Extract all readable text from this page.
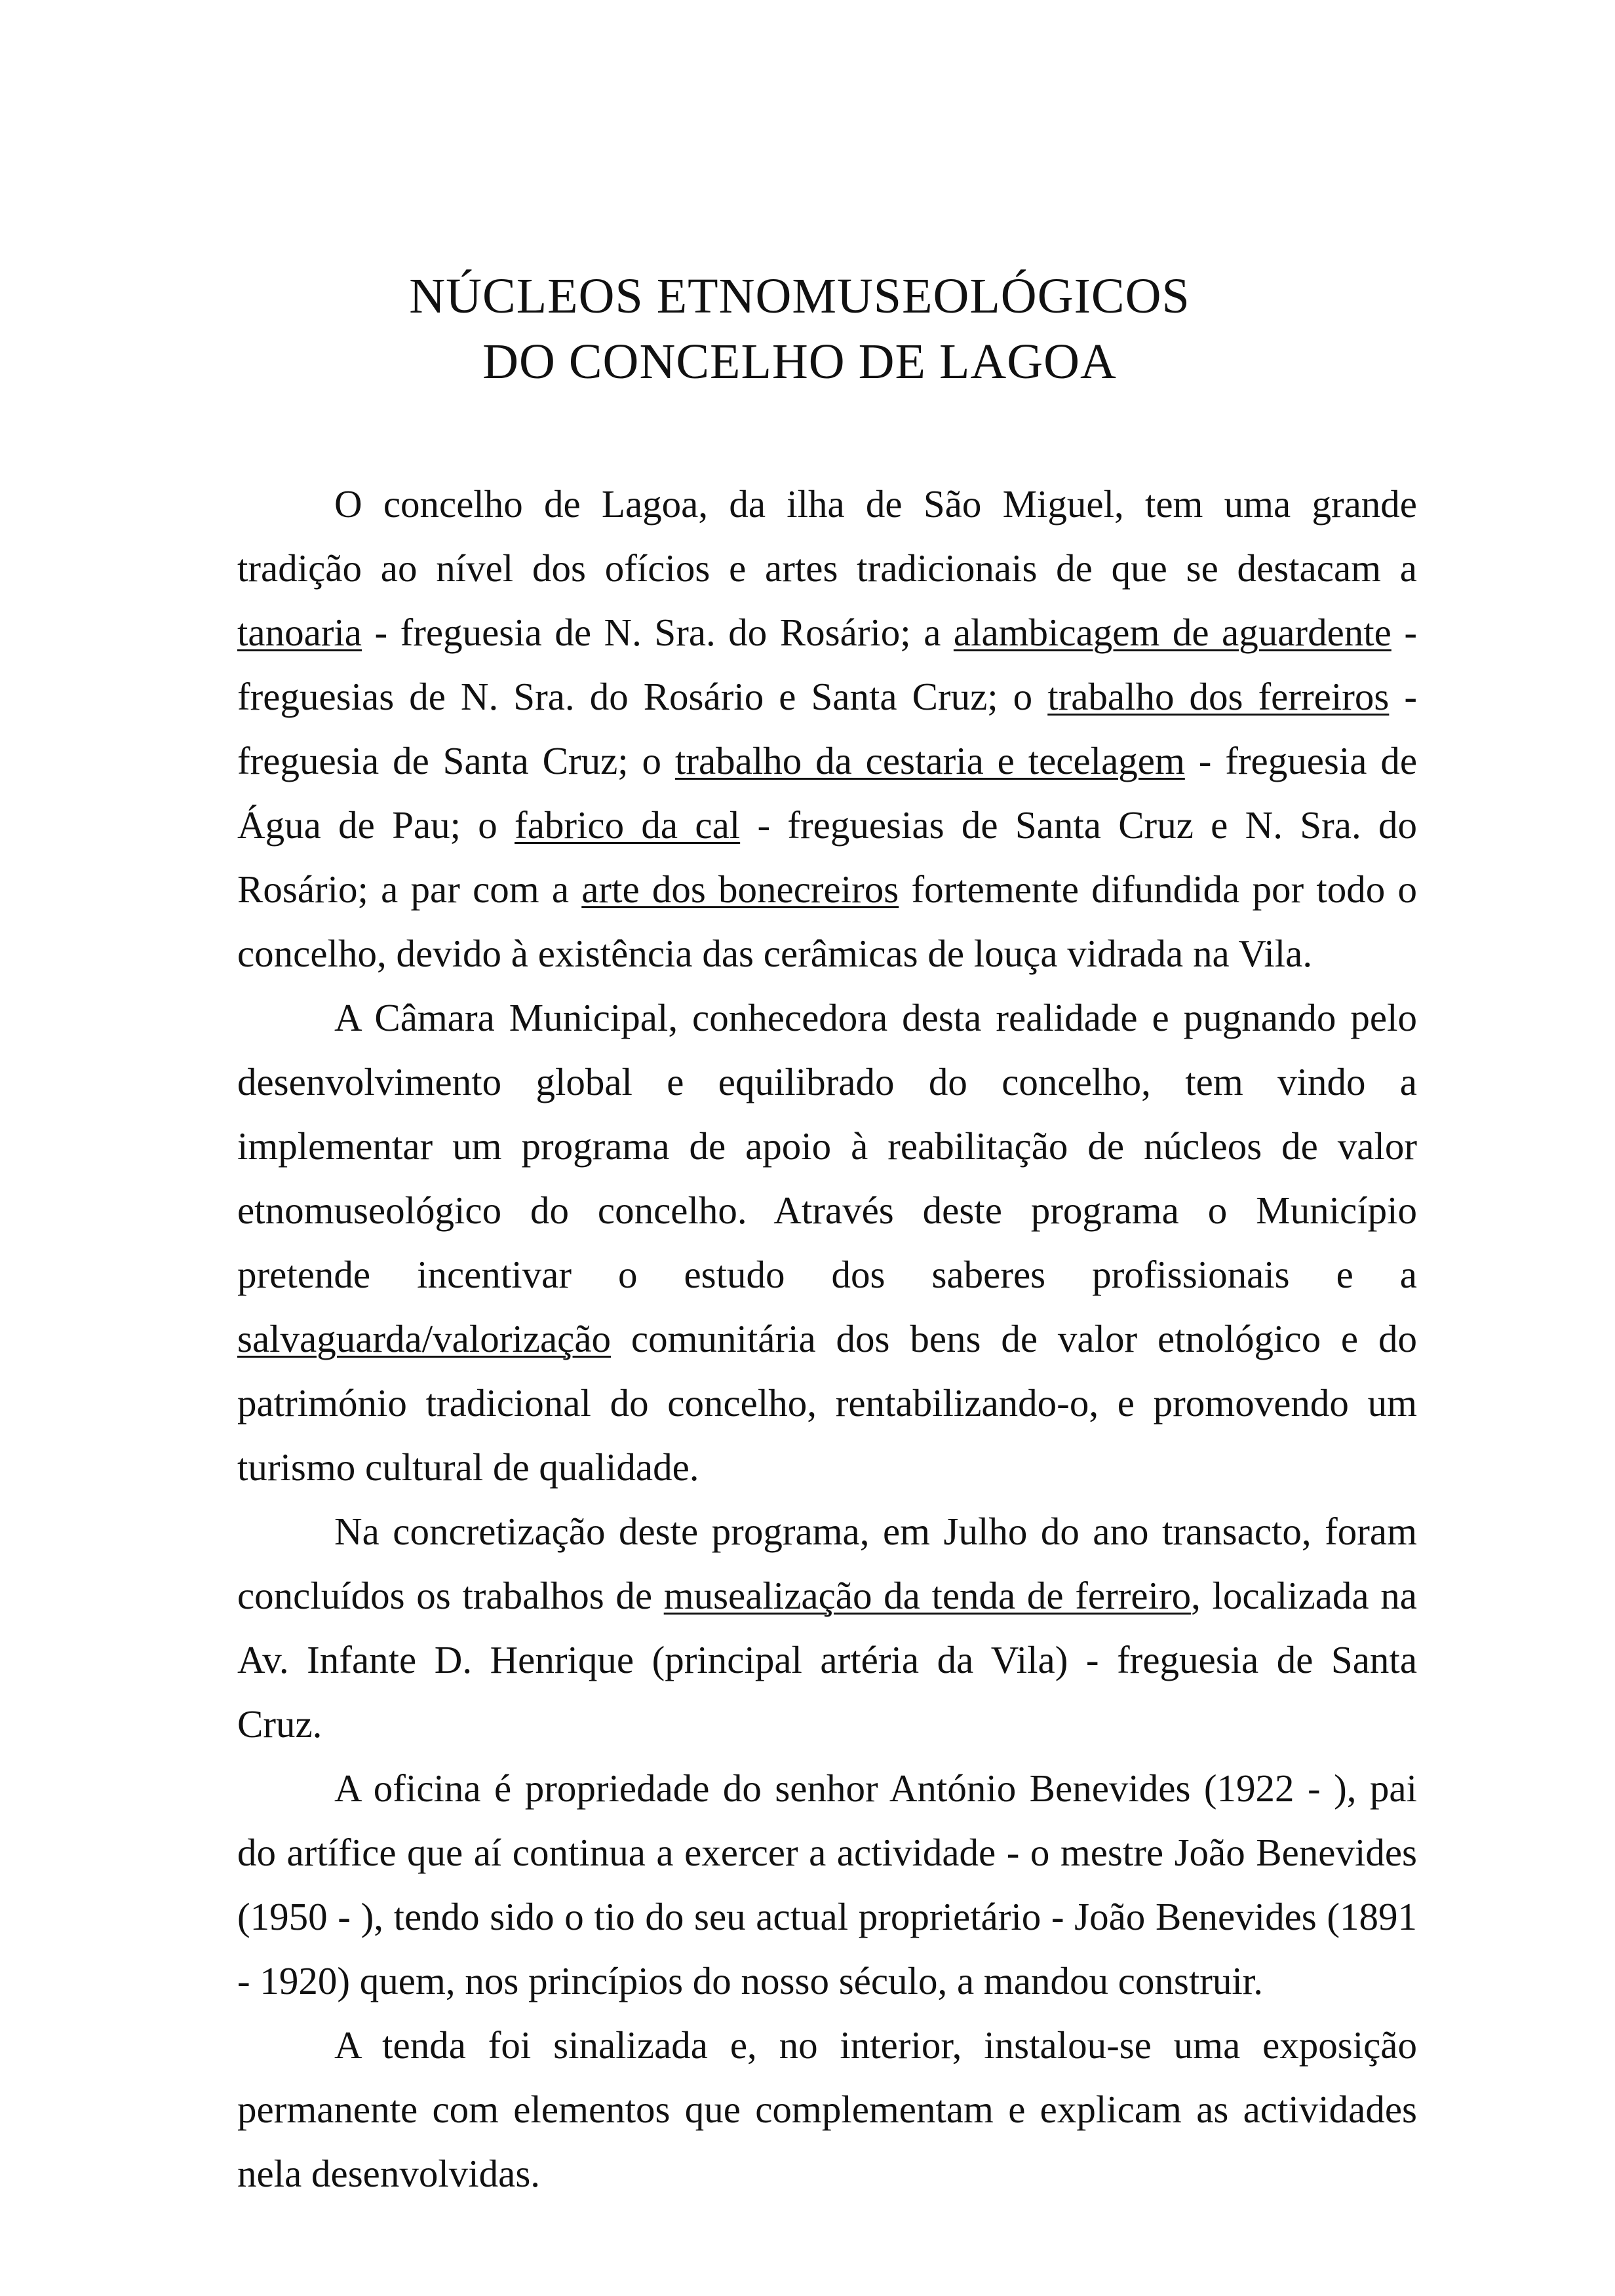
NÚCLEOS ETNOMUSEOLÓGICOS
DO CONCELHO DE LAGOA

O concelho de Lagoa, da ilha de São Miguel, tem uma grande tradição ao nível dos ofícios e artes tradicionais de que se destacam a tanoaria - freguesia de N. Sra. do Rosário; a alambicagem de aguardente - freguesias de N. Sra. do Rosário e Santa Cruz; o trabalho dos ferreiros - freguesia de Santa Cruz; o trabalho da cestaria e tecelagem - freguesia de Água de Pau; o fabrico da cal - freguesias de Santa Cruz e N. Sra. do Rosário; a par com a arte dos bonecreiros fortemente difundida por todo o concelho, devido à existência das cerâmicas de louça vidrada na Vila.

A Câmara Municipal, conhecedora desta realidade e pugnando pelo desenvolvimento global e equilibrado do concelho, tem vindo a implementar um programa de apoio à reabilitação de núcleos de valor etnomuseológico do concelho. Através deste programa o Município pretende incentivar o estudo dos saberes profissionais e a salvaguarda/valorização comunitária dos bens de valor etnológico e do património tradicional do concelho, rentabilizando-o, e promovendo um turismo cultural de qualidade.

Na concretização deste programa, em Julho do ano transacto, foram concluídos os trabalhos de musealização da tenda de ferreiro, localizada na Av. Infante D. Henrique (principal artéria da Vila) - freguesia de Santa Cruz.

A oficina é propriedade do senhor António Benevides (1922 - ), pai do artífice que aí continua a exercer a actividade - o mestre João Benevides (1950 - ), tendo sido o tio do seu actual proprietário - João Benevides (1891 - 1920) quem, nos princípios do nosso século, a mandou construir.

A tenda foi sinalizada e, no interior, instalou-se uma exposição permanente com elementos que complementam e explicam as actividades nela desenvolvidas.
